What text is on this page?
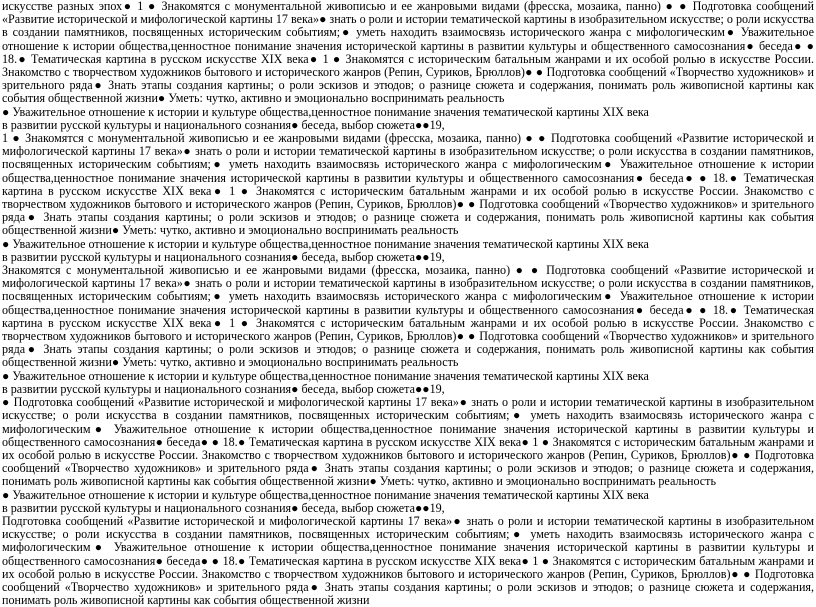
искусстве разных эпох● 1 ● Знакомятся с монументальной живописью и ее жанровыми видами (фресска, мозаика, панно) ● ● Подготовка сообщений «Развитие исторической и мифологической картины 17 века»● знать о роли и истории тематической картины в изобразительном искусстве; о роли искусства в создании памятников, посвященных историческим событиям;● уметь находить взаимосвязь исторического жанра с мифологическим● Уважительное отношение к истории общества,ценностное понимание значения исторической картины в развитии культуры и общественного самосознания● беседа● ● 18.● Тематическая картина в русском искусстве XIX века● 1 ● Знакомятся с историческим батальным жанрами и их особой ролью в искусстве России. Знакомство с творчеством художников бытового и исторического жанров (Репин, Суриков, Брюллов)● ● Подготовка сообщений «Творчество художников» и зрительного ряда● Знать этапы создания картины; о роли эскизов и этюдов; о разнице сюжета и содержания, понимать роль живописной картины как события общественной жизни● Уметь: чутко, активно и эмоционально воспринимать реальность

● Уважительное отношение к истории и культуре общества,ценностное понимание значения тематической картины XIX века

в развитии русской культуры и национального сознания● беседа, выбор сюжета●●19,

1 ● Знакомятся с монументальной живописью и ее жанровыми видами (фресска, мозаика, панно) ● ● Подготовка сообщений «Развитие исторической и мифологической картины 17 века»● знать о роли и истории тематической картины в изобразительном искусстве; о роли искусства в создании памятников, посвященных историческим событиям;● уметь находить взаимосвязь исторического жанра с мифологическим● Уважительное отношение к истории общества,ценностное понимание значения исторической картины в развитии культуры и общественного самосознания● беседа● ● 18.● Тематическая картина в русском искусстве XIX века● 1 ● Знакомятся с историческим батальным жанрами и их особой ролью в искусстве России. Знакомство с творчеством художников бытового и исторического жанров (Репин, Суриков, Брюллов)● ● Подготовка сообщений «Творчество художников» и зрительного ряда● Знать этапы создания картины; о роли эскизов и этюдов; о разнице сюжета и содержания, понимать роль живописной картины как события общественной жизни● Уметь: чутко, активно и эмоционально воспринимать реальность

● Уважительное отношение к истории и культуре общества,ценностное понимание значения тематической картины XIX века

в развитии русской культуры и национального сознания● беседа, выбор сюжета●●19,

Знакомятся с монументальной живописью и ее жанровыми видами (фресска, мозаика, панно) ● ● Подготовка сообщений «Развитие исторической и мифологической картины 17 века»● знать о роли и истории тематической картины в изобразительном искусстве; о роли искусства в создании памятников, посвященных историческим событиям;● уметь находить взаимосвязь исторического жанра с мифологическим● Уважительное отношение к истории общества,ценностное понимание значения исторической картины в развитии культуры и общественного самосознания● беседа● ● 18.● Тематическая картина в русском искусстве XIX века● 1 ● Знакомятся с историческим батальным жанрами и их особой ролью в искусстве России. Знакомство с творчеством художников бытового и исторического жанров (Репин, Суриков, Брюллов)● ● Подготовка сообщений «Творчество художников» и зрительного ряда● Знать этапы создания картины; о роли эскизов и этюдов; о разнице сюжета и содержания, понимать роль живописной картины как события общественной жизни● Уметь: чутко, активно и эмоционально воспринимать реальность

● Уважительное отношение к истории и культуре общества,ценностное понимание значения тематической картины XIX века

в развитии русской культуры и национального сознания● беседа, выбор сюжета●●19,

● Подготовка сообщений «Развитие исторической и мифологической картины 17 века»● знать о роли и истории тематической картины в изобразительном искусстве; о роли искусства в создании памятников, посвященных историческим событиям;● уметь находить взаимосвязь исторического жанра с мифологическим● Уважительное отношение к истории общества,ценностное понимание значения исторической картины в развитии культуры и общественного самосознания● беседа● ● 18.● Тематическая картина в русском искусстве XIX века● 1 ● Знакомятся с историческим батальным жанрами и их особой ролью в искусстве России. Знакомство с творчеством художников бытового и исторического жанров (Репин, Суриков, Брюллов)● ● Подготовка сообщений «Творчество художников» и зрительного ряда● Знать этапы создания картины; о роли эскизов и этюдов; о разнице сюжета и содержания, понимать роль живописной картины как события общественной жизни● Уметь: чутко, активно и эмоционально воспринимать реальность

● Уважительное отношение к истории и культуре общества,ценностное понимание значения тематической картины XIX века

в развитии русской культуры и национального сознания● беседа, выбор сюжета●●19,

Подготовка сообщений «Развитие исторической и мифологической картины 17 века»● знать о роли и истории тематической картины в изобразительном искусстве; о роли искусства в создании памятников, посвященных историческим событиям;● уметь находить взаимосвязь исторического жанра с мифологическим● Уважительное отношение к истории общества,ценностное понимание значения исторической картины в развитии культуры и общественного самосознания● беседа● ● 18.● Тематическая картина в русском искусстве XIX века● 1 ● Знакомятся с историческим батальным жанрами и их особой ролью в искусстве России. Знакомство с творчеством художников бытового и исторического жанров (Репин, Суриков, Брюллов)● ● Подготовка сообщений «Творчество художников» и зрительного ряда● Знать этапы создания картины; о роли эскизов и этюдов; о разнице сюжета и содержания, понимать роль живописной картины как события общественной жизни
